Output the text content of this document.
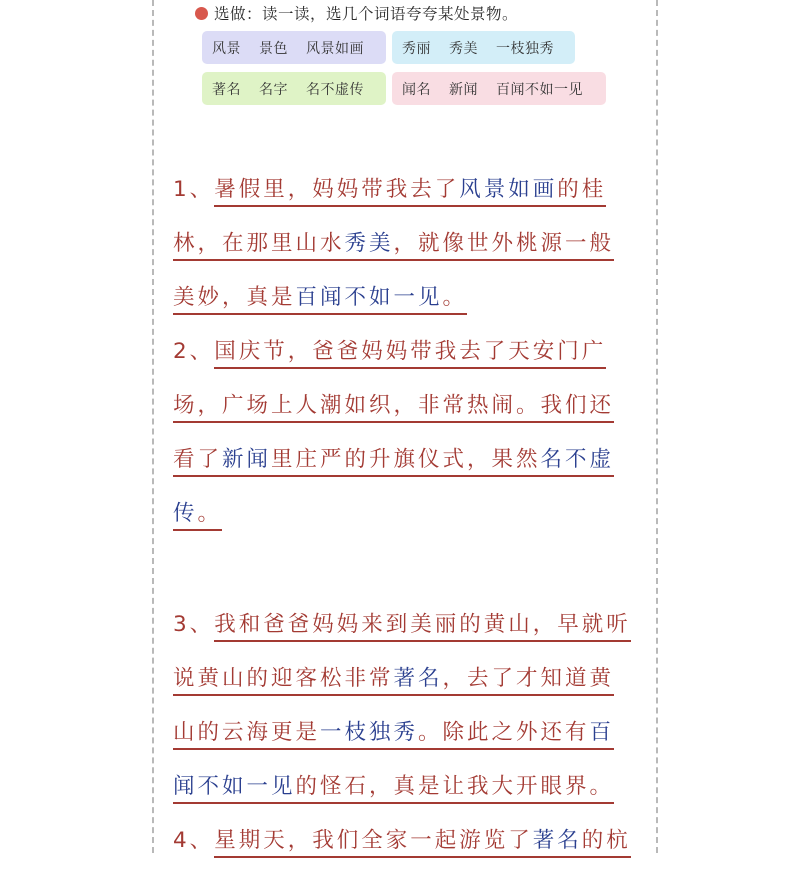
选做：读一读，选几个词语夸夸某处景物。
风景 景色 风景如画	秀丽 秀美 一枝独秀
著名 名字 名不虚传	闻名 新闻 百闻不如一见
1、暑假里，妈妈带我去了风景如画的桂
林，在那里山水秀美，就像世外桃源一般
美妙，真是百闻不如一见。
2、国庆节，爸爸妈妈带我去了天安门广
场，广场上人潮如织，非常热闹。我们还
看了新闻里庄严的升旗仪式，果然名不虚
传。
3、我和爸爸妈妈来到美丽的黄山，早就听
说黄山的迎客松非常著名，去了才知道黄
山的云海更是一枝独秀。除此之外还有百
闻不如一见的怪石，真是让我大开眼界。
4、星期天，我们全家一起游览了著名的杭
